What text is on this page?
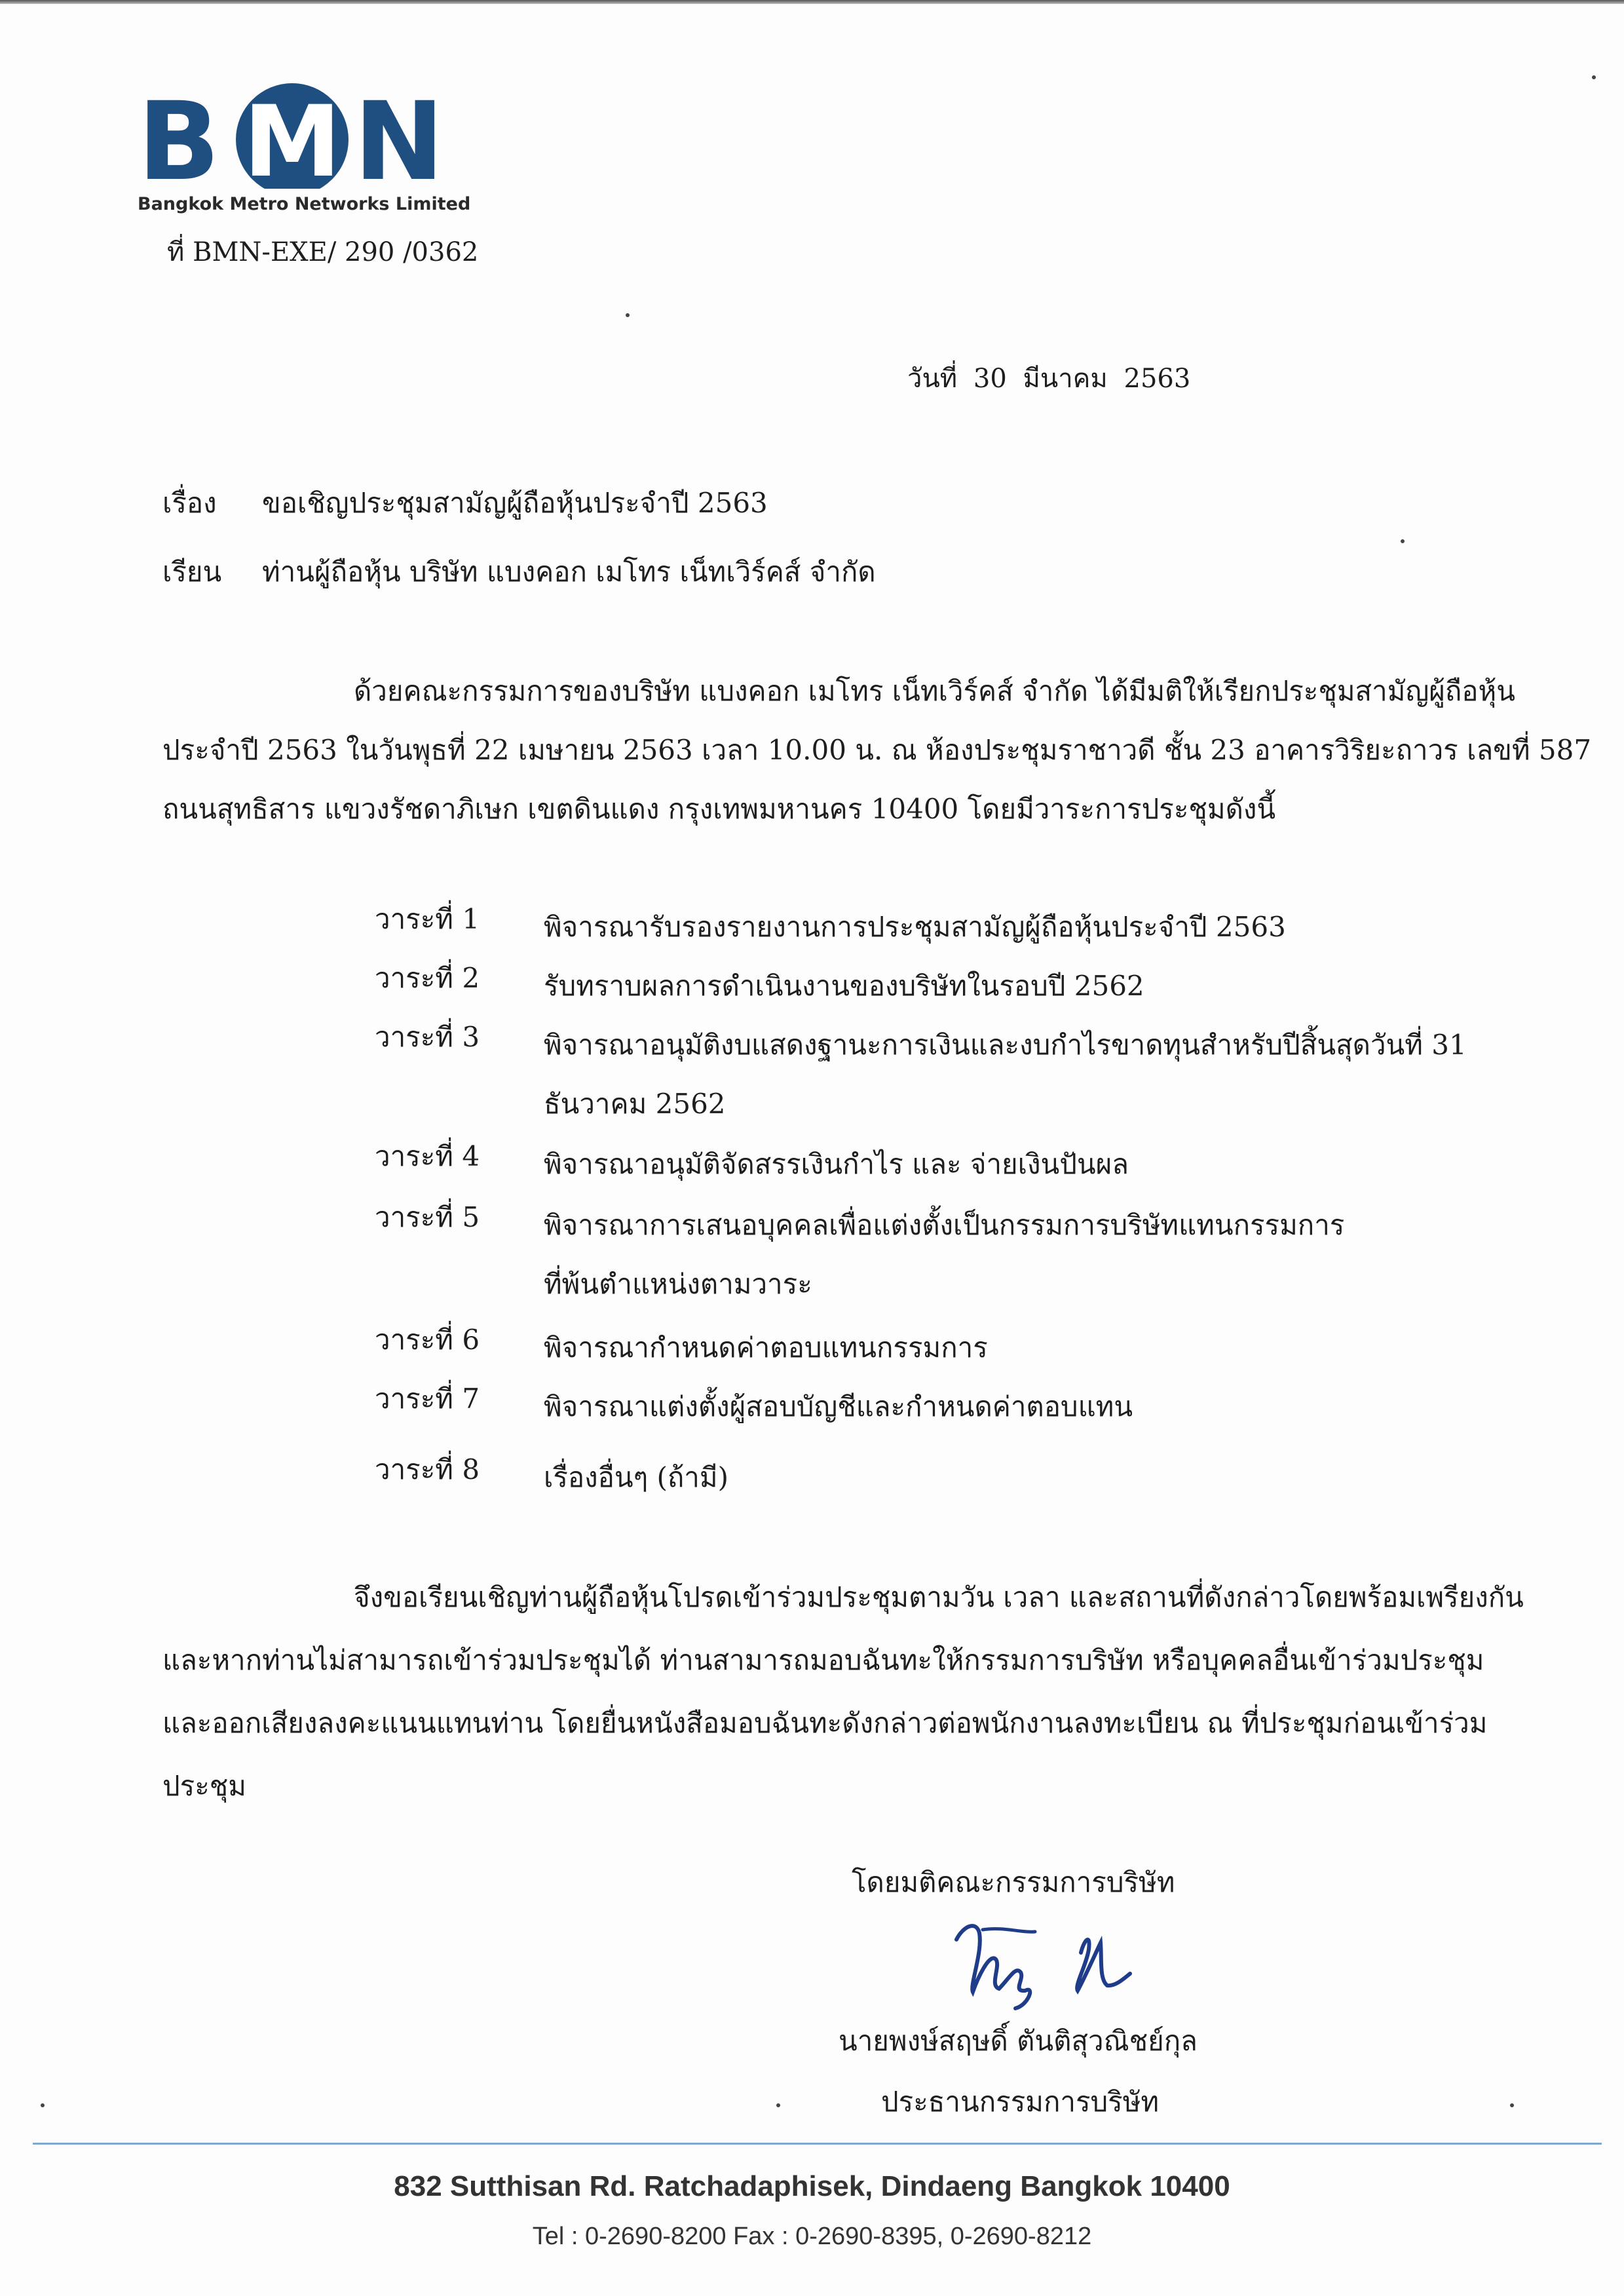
B M N
Bangkok Metro Networks Limited
ที่ BMN-EXE/ 290 /0362
วันที่ 30 มีนาคม 2563
เรื่อง ขอเชิญประชุมสามัญผู้ถือหุ้นประจำปี 2563
เรียน ท่านผู้ถือหุ้น บริษัท แบงคอก เมโทร เน็ทเวิร์คส์ จำกัด
ด้วยคณะกรรมการของบริษัท แบงคอก เมโทร เน็ทเวิร์คส์ จำกัด ได้มีมติให้เรียกประชุมสามัญผู้ถือหุ้น
ประจำปี 2563 ในวันพุธที่ 22 เมษายน 2563 เวลา 10.00 น. ณ ห้องประชุมราชาวดี ชั้น 23 อาคารวิริยะถาวร เลขที่ 587
ถนนสุทธิสาร แขวงรัชดาภิเษก เขตดินแดง กรุงเทพมหานคร 10400 โดยมีวาระการประชุมดังนี้
วาระที่ 1 พิจารณารับรองรายงานการประชุมสามัญผู้ถือหุ้นประจำปี 2563
วาระที่ 2 รับทราบผลการดำเนินงานของบริษัทในรอบปี 2562
วาระที่ 3 พิจารณาอนุมัติงบแสดงฐานะการเงินและงบกำไรขาดทุนสำหรับปีสิ้นสุดวันที่ 31
ธันวาคม 2562
วาระที่ 4 พิจารณาอนุมัติจัดสรรเงินกำไร และ จ่ายเงินปันผล
วาระที่ 5 พิจารณาการเสนอบุคคลเพื่อแต่งตั้งเป็นกรรมการบริษัทแทนกรรมการ
ที่พ้นตำแหน่งตามวาระ
วาระที่ 6 พิจารณากำหนดค่าตอบแทนกรรมการ
วาระที่ 7 พิจารณาแต่งตั้งผู้สอบบัญชีและกำหนดค่าตอบแทน
วาระที่ 8 เรื่องอื่นๆ (ถ้ามี)
จึงขอเรียนเชิญท่านผู้ถือหุ้นโปรดเข้าร่วมประชุมตามวัน เวลา และสถานที่ดังกล่าวโดยพร้อมเพรียงกัน
และหากท่านไม่สามารถเข้าร่วมประชุมได้ ท่านสามารถมอบฉันทะให้กรรมการบริษัท หรือบุคคลอื่นเข้าร่วมประชุม
และออกเสียงลงคะแนนแทนท่าน โดยยื่นหนังสือมอบฉันทะดังกล่าวต่อพนักงานลงทะเบียน ณ ที่ประชุมก่อนเข้าร่วม
ประชุม
โดยมติคณะกรรมการบริษัท
นายพงษ์สฤษดิ์ ตันติสุวณิชย์กุล
ประธานกรรมการบริษัท
832 Sutthisan Rd. Ratchadaphisek, Dindaeng Bangkok 10400
Tel : 0-2690-8200 Fax : 0-2690-8395, 0-2690-8212
